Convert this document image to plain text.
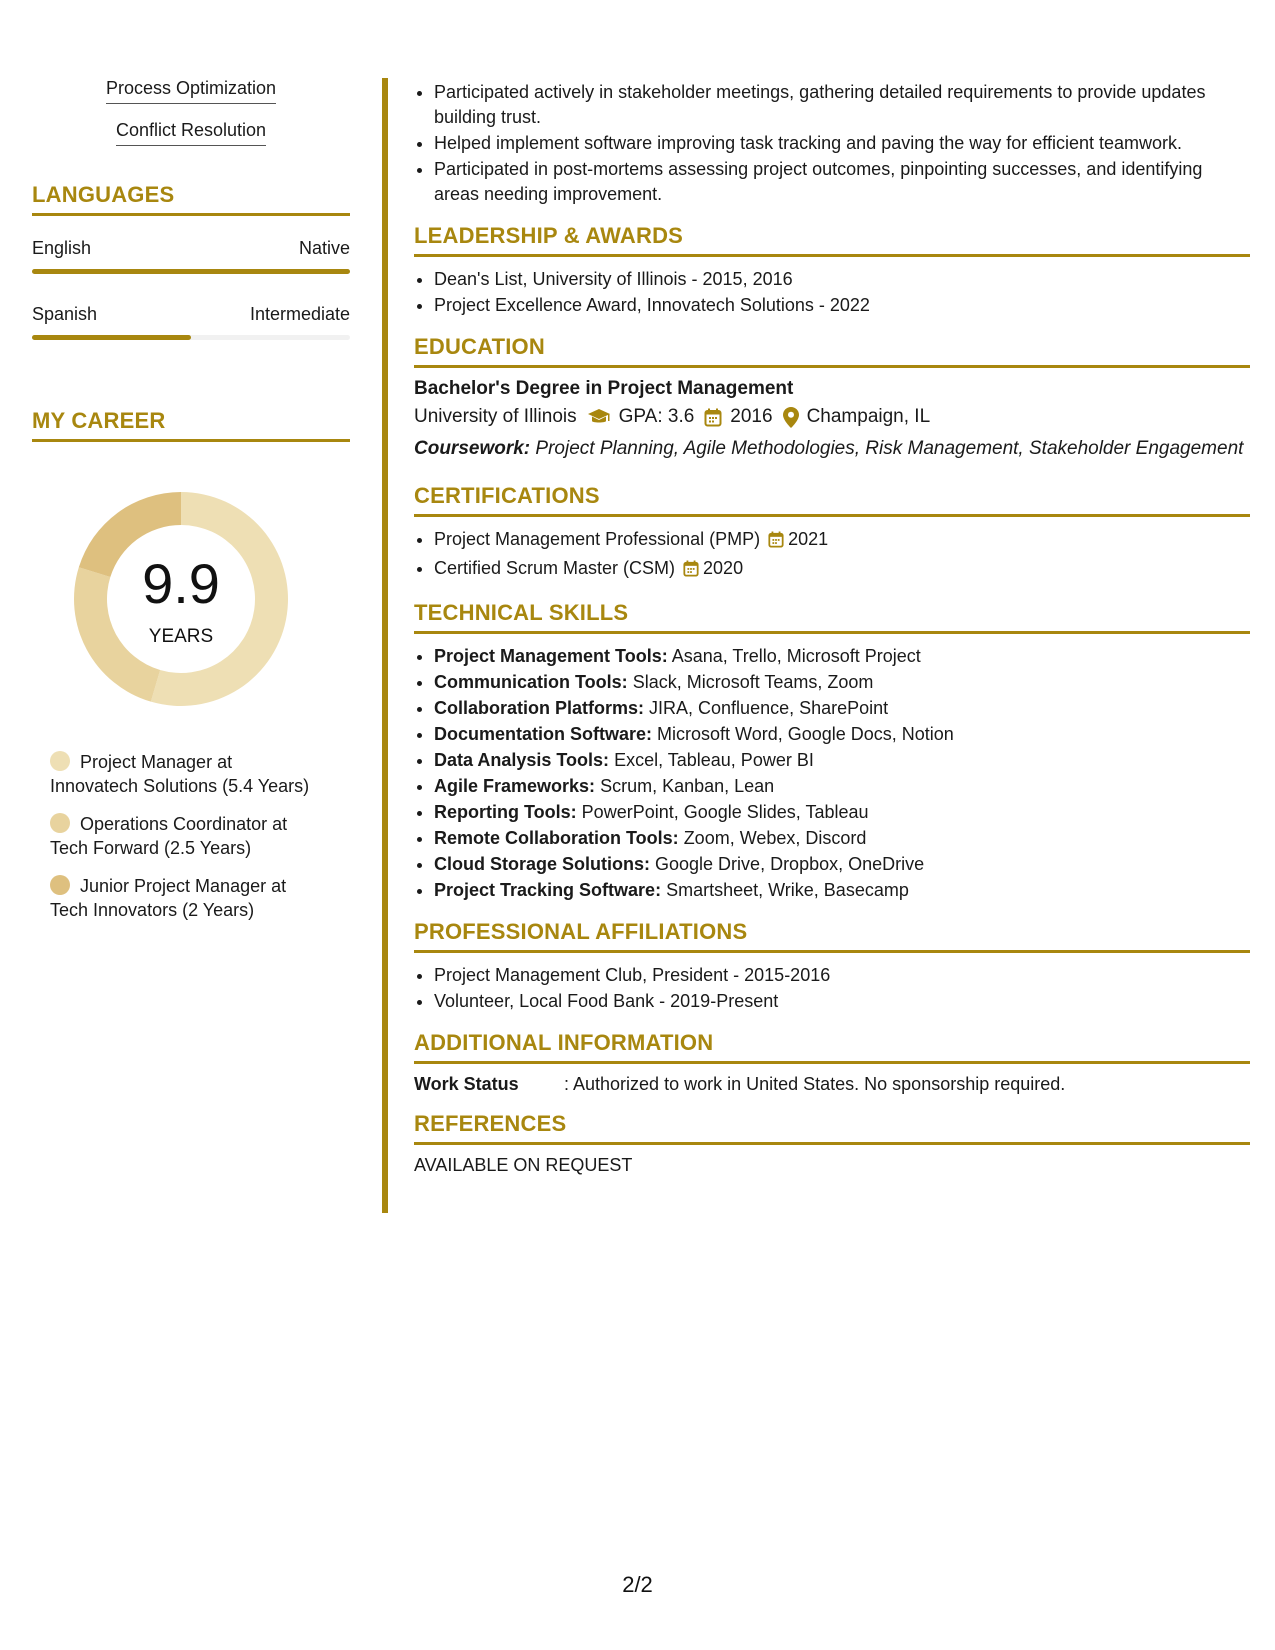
Process Optimization
Conflict Resolution
LANGUAGES
English	Native
Spanish	Intermediate
MY CAREER
9.9
YEARS
Project Manager at
Innovatech Solutions (5.4 Years)
Operations Coordinator at
Tech Forward (2.5 Years)
Junior Project Manager at
Tech Innovators (2 Years)
• Participated actively in stakeholder meetings, gathering detailed requirements to provide updates building trust.
• Helped implement software improving task tracking and paving the way for efficient teamwork.
• Participated in post-mortems assessing project outcomes, pinpointing successes, and identifying areas needing improvement.
LEADERSHIP & AWARDS
• Dean's List, University of Illinois - 2015, 2016
• Project Excellence Award, Innovatech Solutions - 2022
EDUCATION
Bachelor's Degree in Project Management
University of Illinois GPA: 3.6 2016 Champaign, IL
Coursework: Project Planning, Agile Methodologies, Risk Management, Stakeholder Engagement
CERTIFICATIONS
• Project Management Professional (PMP) 2021
• Certified Scrum Master (CSM) 2020
TECHNICAL SKILLS
• Project Management Tools: Asana, Trello, Microsoft Project
• Communication Tools: Slack, Microsoft Teams, Zoom
• Collaboration Platforms: JIRA, Confluence, SharePoint
• Documentation Software: Microsoft Word, Google Docs, Notion
• Data Analysis Tools: Excel, Tableau, Power BI
• Agile Frameworks: Scrum, Kanban, Lean
• Reporting Tools: PowerPoint, Google Slides, Tableau
• Remote Collaboration Tools: Zoom, Webex, Discord
• Cloud Storage Solutions: Google Drive, Dropbox, OneDrive
• Project Tracking Software: Smartsheet, Wrike, Basecamp
PROFESSIONAL AFFILIATIONS
• Project Management Club, President - 2015-2016
• Volunteer, Local Food Bank - 2019-Present
ADDITIONAL INFORMATION
Work Status	: Authorized to work in United States. No sponsorship required.
REFERENCES
AVAILABLE ON REQUEST
2/2
